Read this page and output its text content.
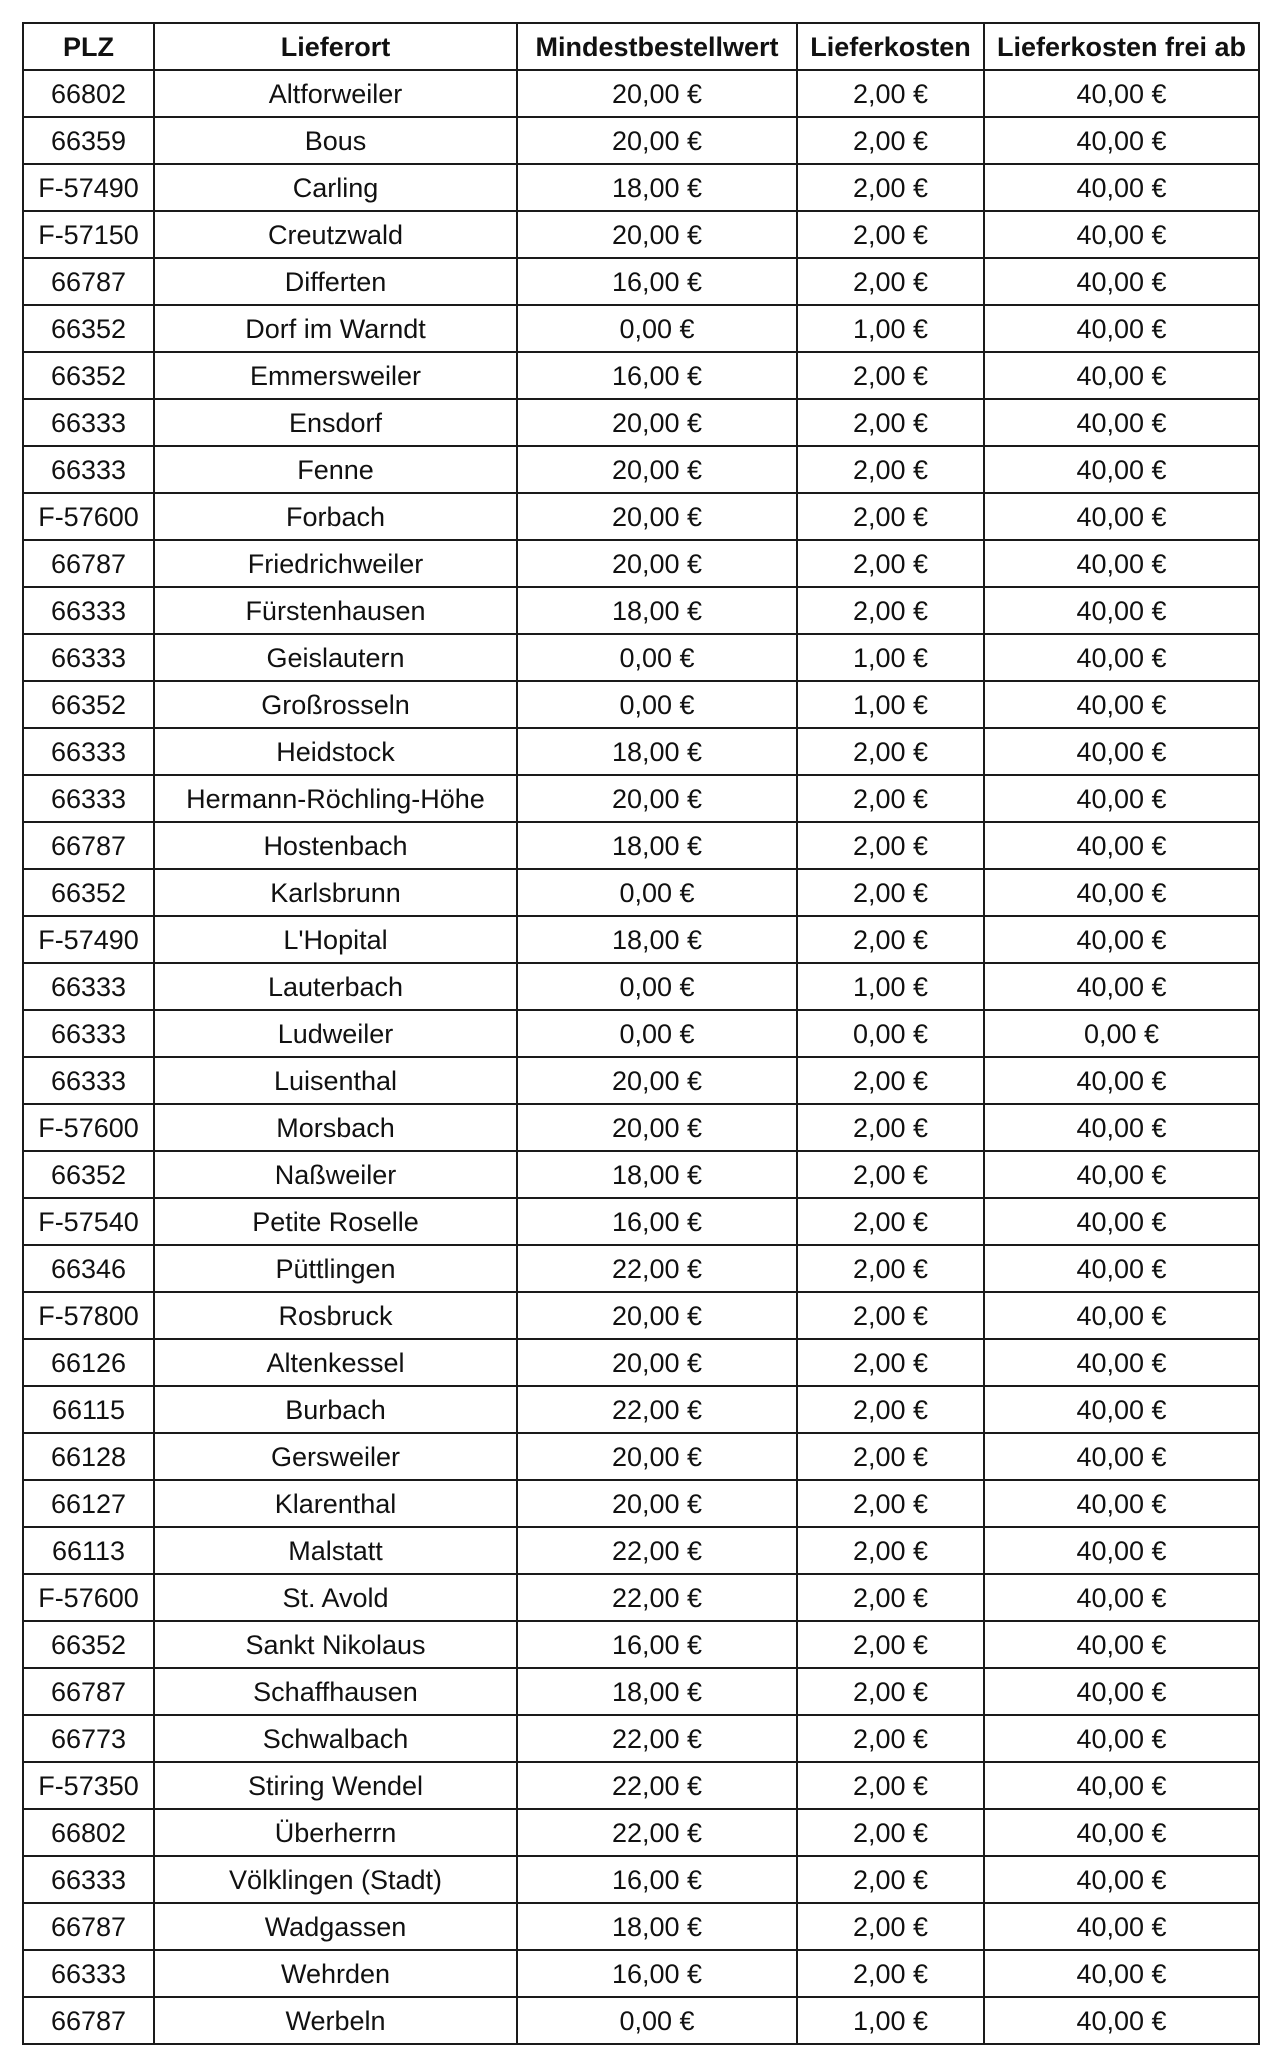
PLZ	Lieferort	Mindestbestellwert	Lieferkosten	Lieferkosten frei ab
66802	Altforweiler	20,00 €	2,00 €	40,00 €
66359	Bous	20,00 €	2,00 €	40,00 €
F-57490	Carling	18,00 €	2,00 €	40,00 €
F-57150	Creutzwald	20,00 €	2,00 €	40,00 €
66787	Differten	16,00 €	2,00 €	40,00 €
66352	Dorf im Warndt	0,00 €	1,00 €	40,00 €
66352	Emmersweiler	16,00 €	2,00 €	40,00 €
66333	Ensdorf	20,00 €	2,00 €	40,00 €
66333	Fenne	20,00 €	2,00 €	40,00 €
F-57600	Forbach	20,00 €	2,00 €	40,00 €
66787	Friedrichweiler	20,00 €	2,00 €	40,00 €
66333	Fürstenhausen	18,00 €	2,00 €	40,00 €
66333	Geislautern	0,00 €	1,00 €	40,00 €
66352	Großrosseln	0,00 €	1,00 €	40,00 €
66333	Heidstock	18,00 €	2,00 €	40,00 €
66333	Hermann-Röchling-Höhe	20,00 €	2,00 €	40,00 €
66787	Hostenbach	18,00 €	2,00 €	40,00 €
66352	Karlsbrunn	0,00 €	2,00 €	40,00 €
F-57490	L'Hopital	18,00 €	2,00 €	40,00 €
66333	Lauterbach	0,00 €	1,00 €	40,00 €
66333	Ludweiler	0,00 €	0,00 €	0,00 €
66333	Luisenthal	20,00 €	2,00 €	40,00 €
F-57600	Morsbach	20,00 €	2,00 €	40,00 €
66352	Naßweiler	18,00 €	2,00 €	40,00 €
F-57540	Petite Roselle	16,00 €	2,00 €	40,00 €
66346	Püttlingen	22,00 €	2,00 €	40,00 €
F-57800	Rosbruck	20,00 €	2,00 €	40,00 €
66126	Altenkessel	20,00 €	2,00 €	40,00 €
66115	Burbach	22,00 €	2,00 €	40,00 €
66128	Gersweiler	20,00 €	2,00 €	40,00 €
66127	Klarenthal	20,00 €	2,00 €	40,00 €
66113	Malstatt	22,00 €	2,00 €	40,00 €
F-57600	St. Avold	22,00 €	2,00 €	40,00 €
66352	Sankt Nikolaus	16,00 €	2,00 €	40,00 €
66787	Schaffhausen	18,00 €	2,00 €	40,00 €
66773	Schwalbach	22,00 €	2,00 €	40,00 €
F-57350	Stiring Wendel	22,00 €	2,00 €	40,00 €
66802	Überherrn	22,00 €	2,00 €	40,00 €
66333	Völklingen (Stadt)	16,00 €	2,00 €	40,00 €
66787	Wadgassen	18,00 €	2,00 €	40,00 €
66333	Wehrden	16,00 €	2,00 €	40,00 €
66787	Werbeln	0,00 €	1,00 €	40,00 €
